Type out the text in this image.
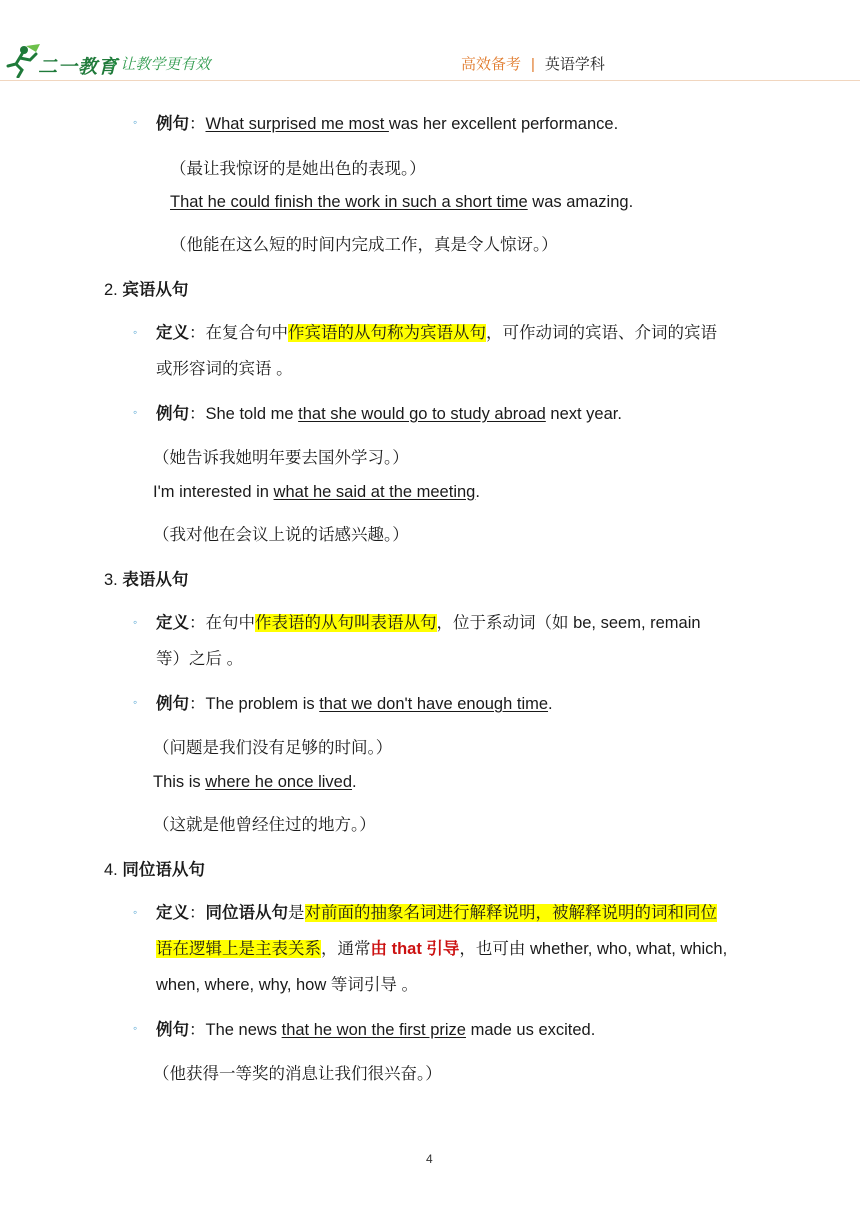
二一教育
/ 让教学更有效	高效备考 | 英语学科
◦ 例句：What surprised me most was her excellent performance.
（最让我惊讶的是她出色的表现。）
That he could finish the work in such a short time was amazing.
（他能在这么短的时间内完成工作，真是令人惊讶。）
2. 宾语从句
◦ 定义：在复合句中作宾语的从句称为宾语从句，可作动词的宾语、介词的宾语
或形容词的宾语 。
◦ 例句：She told me that she would go to study abroad next year.
（她告诉我她明年要去国外学习。）
I'm interested in what he said at the meeting.
（我对他在会议上说的话感兴趣。）
3. 表语从句
◦ 定义：在句中作表语的从句叫表语从句，位于系动词（如 be, seem, remain
等）之后 。
◦ 例句：The problem is that we don't have enough time.
（问题是我们没有足够的时间。）
This is where he once lived.
（这就是他曾经住过的地方。）
4. 同位语从句
◦ 定义：同位语从句是对前面的抽象名词进行解释说明，被解释说明的词和同位
语在逻辑上是主表关系，通常由 that 引导，也可由 whether, who, what, which,
when, where, why, how 等词引导 。
◦ 例句：The news that he won the first prize made us excited.
（他获得一等奖的消息让我们很兴奋。）
4
